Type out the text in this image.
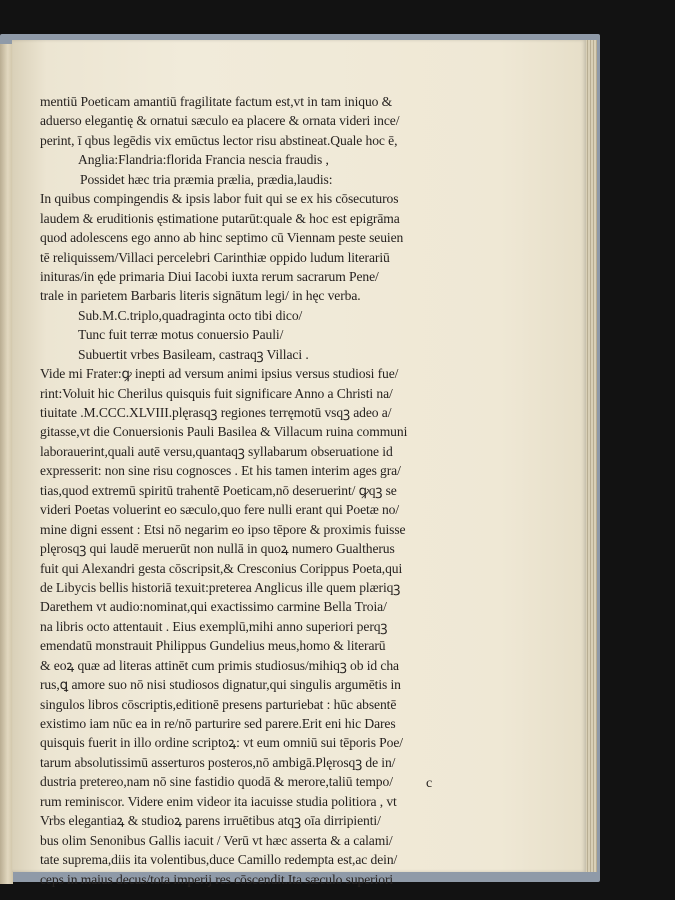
mentiū Poeticam amantiū fragilitate factum est,vt in tam iniquo &
aduerso elegantię & ornatui sæculo ea placere & ornata videri ince/
perint, ī qbus legēdis vix emūctus lector risu abstineat.Quale hoc ē,
Anglia:Flandria:florida Francia nescia fraudis ,
Possidet hæc tria præmia prælia, prædia,laudis:
In quibus compingendis & ipsis labor fuit qui se ex his cōsecuturos
laudem & eruditionis ęstimatione putarūt:quale & hoc est epigrāma
quod adolescens ego anno ab hinc septimo cū Viennam peste seuien
tē reliquissem/Villaci percelebri Carinthiæ oppido ludum literariū
inituras/in ęde primaria Diui Iacobi iuxta rerum sacrarum Pene/
trale in parietem Barbaris literis signātum legi/ in hęc verba.
Sub.M.C.triplo,quadraginta octo tibi dico/
Tunc fuit terræ motus conuersio Pauli/
Subuertit vrbes Basileam, castraqꝫ Villaci .
Vide mi Frater:ꝙ inepti ad versum animi ipsius versus studiosi fue/
rint:Voluit hic Cherilus quisquis fuit significare Anno a Christi na/
tiuitate .M.CCC.XLVIII.plęrasqꝫ regiones terręmotū vsqꝫ adeo a/
gitasse,vt die Conuersionis Pauli Basilea & Villacum ruina communi
laborauerint,quali autē versu,quantaqꝫ syllabarum obseruatione id
expresserit: non sine risu cognosces . Et his tamen interim ages gra/
tias,quod extremū spiritū trahentē Poeticam,nō deseruerint/ ꝙqꝫ se
videri Poetas voluerint eo sæculo,quo fere nulli erant qui Poetæ no/
mine digni essent : Etsi nō negarim eo ipso tēpore & proximis fuisse
plęrosqꝫ qui laudē meruerūt non nullā in quoꝝ numero Gualtherus
fuit qui Alexandri gesta cōscripsit,& Cresconius Corippus Poeta,qui
de Libycis bellis historiā texuit:preterea Anglicus ille quem plæriqꝫ
Darethem vt audio:nominat,qui exactissimo carmine Bella Troia/
na libris octo attentauit . Eius exemplū,mihi anno superiori perqꝫ
emendatū monstrauit Philippus Gundelius meus,homo & literarū
& eoꝝ quæ ad literas attinēt cum primis studiosus/mihiqꝫ ob id cha
rus,ꝗ amore suo nō nisi studiosos dignatur,qui singulis argumētis in
singulos libros cōscriptis,editionē presens parturiebat : hūc absentē
existimo iam nūc ea in re/nō parturire sed parere.Erit eni hic Dares
quisquis fuerit in illo ordine scriptoꝝ: vt eum omniū sui tēporis Poe/
tarum absolutissimū asserturos posteros,nō ambigā.Plęrosqꝫ de in/
dustria pretereo,nam nō sine fastidio quodā & merore,taliū tempo/
rum reminiscor. Videre enim videor ita iacuisse studia politiora , vt
Vrbs elegantiaꝝ & studioꝝ parens irruētibus atqꝫ oīa dirripienti/
bus olim Senonibus Gallis iacuit / Verū vt hæc asserta & a calami/
tate suprema,diis ita volentibus,duce Camillo redempta est,ac dein/
ceps in maius decus/tota imperij res cōscendit.Ita sæculo superiori
c
